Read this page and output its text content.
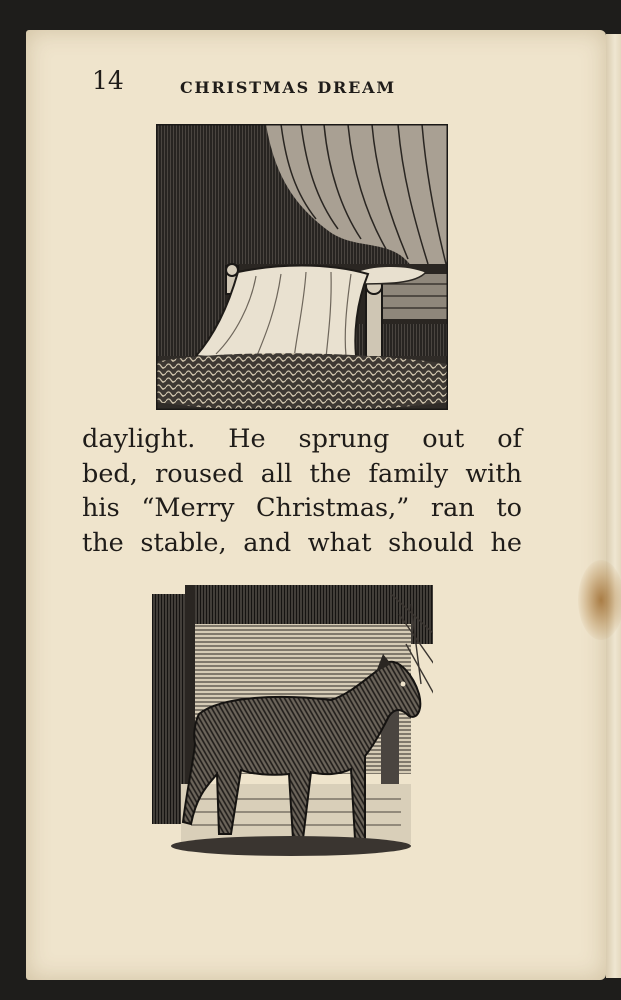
14	CHRISTMAS DREAM

daylight. He sprung out of
bed, roused all the family with
his “Merry Christmas,” ran to
the stable, and what should he
